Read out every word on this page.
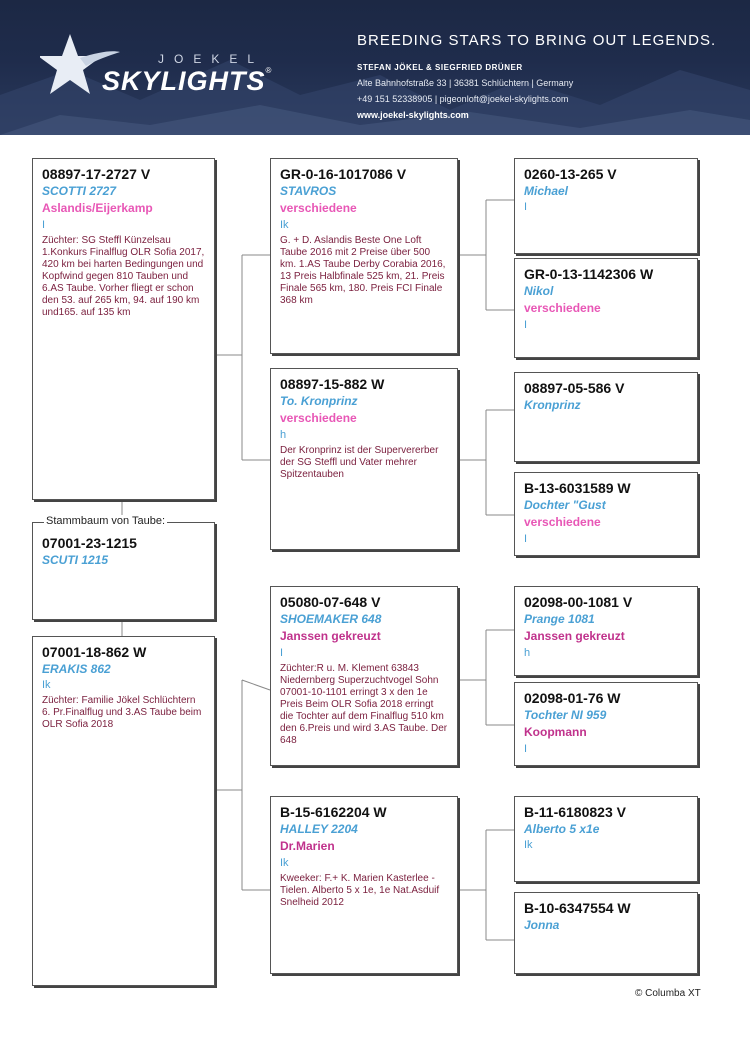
JOEKEL
SKYLIGHTS®
BREEDING STARS TO BRING OUT LEGENDS.
STEFAN JÖKEL & SIEGFRIED DRÜNER
Alte Bahnhofstraße 33 | 36381 Schlüchtern | Germany
+49 151 52338905 | pigeonloft@joekel-skylights.com
www.joekel-skylights.com
08897-17-2727 V
SCOTTI 2727
Aslandis/Eijerkamp
I
Züchter: SG Steffl Künzelsau 1.Konkurs Finalflug OLR Sofia 2017, 420 km bei harten Bedingungen und Kopfwind gegen 810 Tauben und 6.AS Taube. Vorher fliegt er schon den 53. auf 265 km, 94. auf 190 km und165. auf 135 km
07001-23-1215
SCUTI 1215
Stammbaum von Taube:
07001-18-862 W
ERAKIS 862
Ik
Züchter: Familie Jökel Schlüchtern 6. Pr.Finalflug und 3.AS Taube beim OLR Sofia 2018
GR-0-16-1017086 V
STAVROS
verschiedene
Ik
G. + D. Aslandis Beste One Loft Taube 2016 mit 2 Preise über 500 km. 1.AS Taube Derby Corabia 2016, 13 Preis Halbfinale 525 km, 21. Preis Finale 565 km, 180. Preis FCI Finale 368 km
08897-15-882 W
To. Kronprinz
verschiedene
h
Der Kronprinz ist der Supervererber der SG Steffl und Vater mehrer Spitzentauben
05080-07-648 V
SHOEMAKER 648
Janssen gekreuzt
I
Züchter:R u. M. Klement 63843 Niedernberg Superzuchtvogel Sohn 07001-10-1101 erringt 3 x den 1e Preis Beim OLR Sofia 2018 erringt die Tochter auf dem Finalflug 510 km den 6.Preis und wird 3.AS Taube. Der 648
B-15-6162204 W
HALLEY 2204
Dr.Marien
Ik
Kweeker: F.+ K. Marien Kasterlee - Tielen. Alberto 5 x 1e, 1e Nat.Asduif Snelheid 2012
0260-13-265 V
Michael
I
GR-0-13-1142306 W
Nikol
verschiedene
I
08897-05-586 V
Kronprinz
B-13-6031589 W
Dochter "Gust
verschiedene
I
02098-00-1081 V
Prange 1081
Janssen gekreuzt
h
02098-01-76 W
Tochter NI 959
Koopmann
I
B-11-6180823 V
Alberto 5 x1e
Ik
B-10-6347554 W
Jonna
© Columba XT
